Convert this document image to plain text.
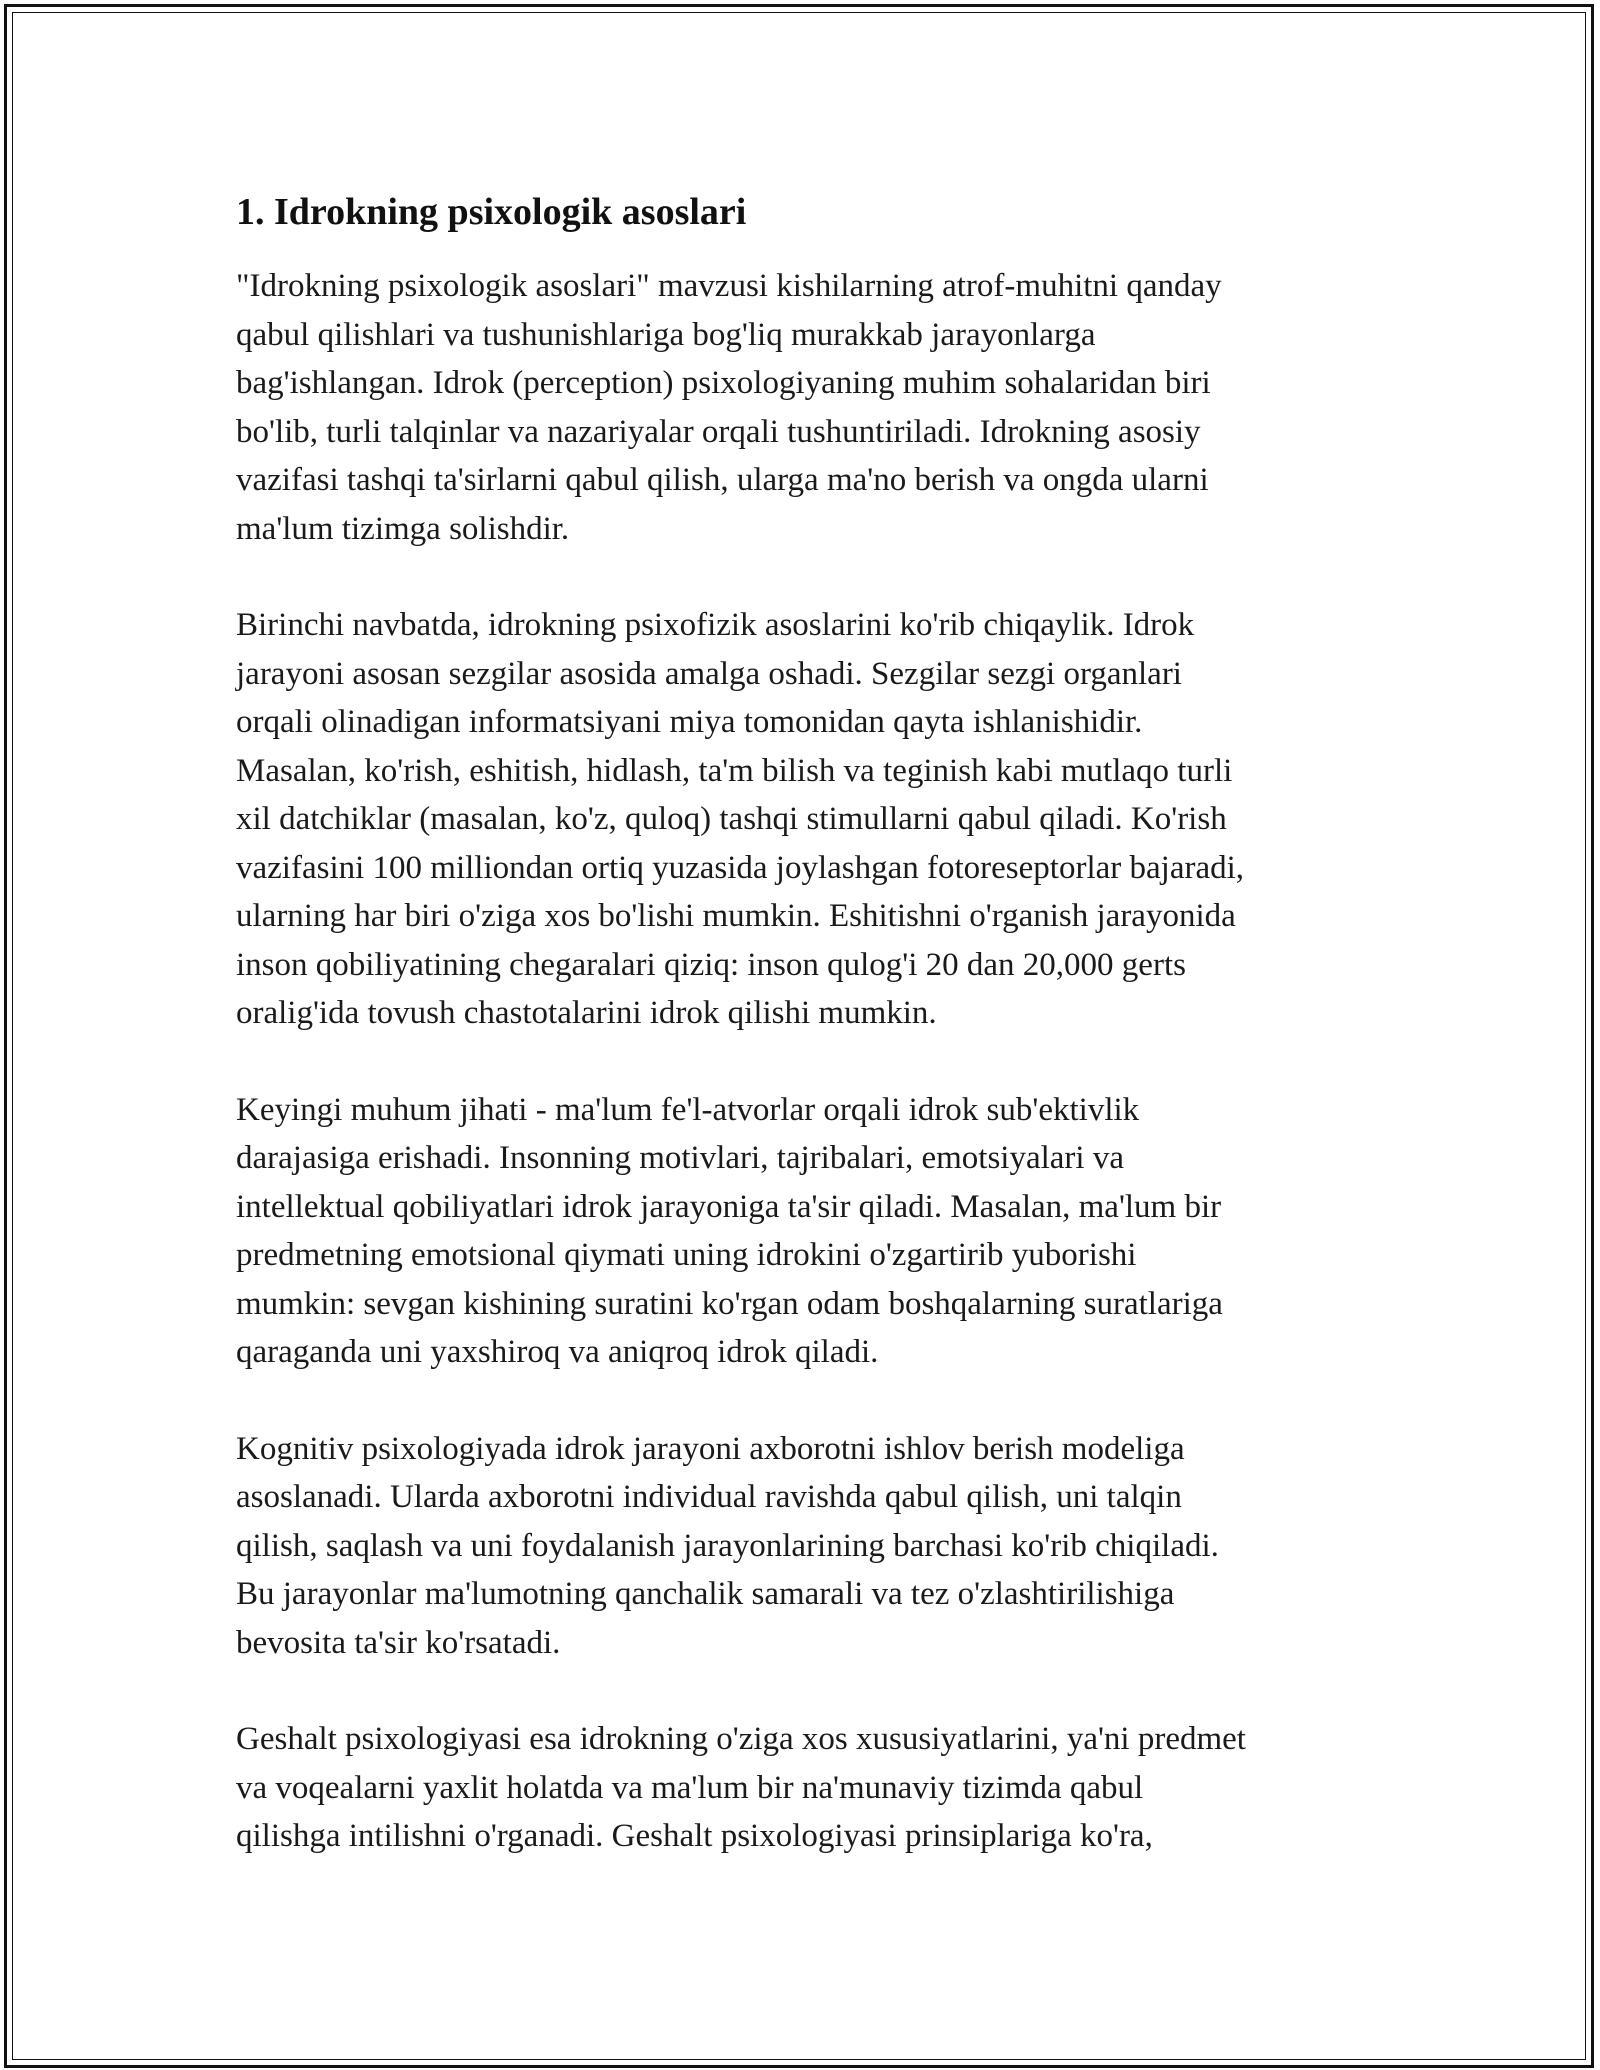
1. Idrokning psixologik asoslari

"Idrokning psixologik asoslari" mavzusi kishilarning atrof-muhitni qanday
qabul qilishlari va tushunishlariga bog'liq murakkab jarayonlarga
bag'ishlangan. Idrok (perception) psixologiyaning muhim sohalaridan biri
bo'lib, turli talqinlar va nazariyalar orqali tushuntiriladi. Idrokning asosiy
vazifasi tashqi ta'sirlarni qabul qilish, ularga ma'no berish va ongda ularni
ma'lum tizimga solishdir.

Birinchi navbatda, idrokning psixofizik asoslarini ko'rib chiqaylik. Idrok
jarayoni asosan sezgilar asosida amalga oshadi. Sezgilar sezgi organlari
orqali olinadigan informatsiyani miya tomonidan qayta ishlanishidir.
Masalan, ko'rish, eshitish, hidlash, ta'm bilish va teginish kabi mutlaqo turli
xil datchiklar (masalan, ko'z, quloq) tashqi stimullarni qabul qiladi. Ko'rish
vazifasini 100 milliondan ortiq yuzasida joylashgan fotoreseptorlar bajaradi,
ularning har biri o'ziga xos bo'lishi mumkin. Eshitishni o'rganish jarayonida
inson qobiliyatining chegaralari qiziq: inson qulog'i 20 dan 20,000 gerts
oralig'ida tovush chastotalarini idrok qilishi mumkin.

Keyingi muhum jihati - ma'lum fe'l-atvorlar orqali idrok sub'ektivlik
darajasiga erishadi. Insonning motivlari, tajribalari, emotsiyalari va
intellektual qobiliyatlari idrok jarayoniga ta'sir qiladi. Masalan, ma'lum bir
predmetning emotsional qiymati uning idrokini o'zgartirib yuborishi
mumkin: sevgan kishining suratini ko'rgan odam boshqalarning suratlariga
qaraganda uni yaxshiroq va aniqroq idrok qiladi.

Kognitiv psixologiyada idrok jarayoni axborotni ishlov berish modeliga
asoslanadi. Ularda axborotni individual ravishda qabul qilish, uni talqin
qilish, saqlash va uni foydalanish jarayonlarining barchasi ko'rib chiqiladi.
Bu jarayonlar ma'lumotning qanchalik samarali va tez o'zlashtirilishiga
bevosita ta'sir ko'rsatadi.

Geshalt psixologiyasi esa idrokning o'ziga xos xususiyatlarini, ya'ni predmet
va voqealarni yaxlit holatda va ma'lum bir na'munaviy tizimda qabul
qilishga intilishni o'rganadi. Geshalt psixologiyasi prinsiplariga ko'ra,
